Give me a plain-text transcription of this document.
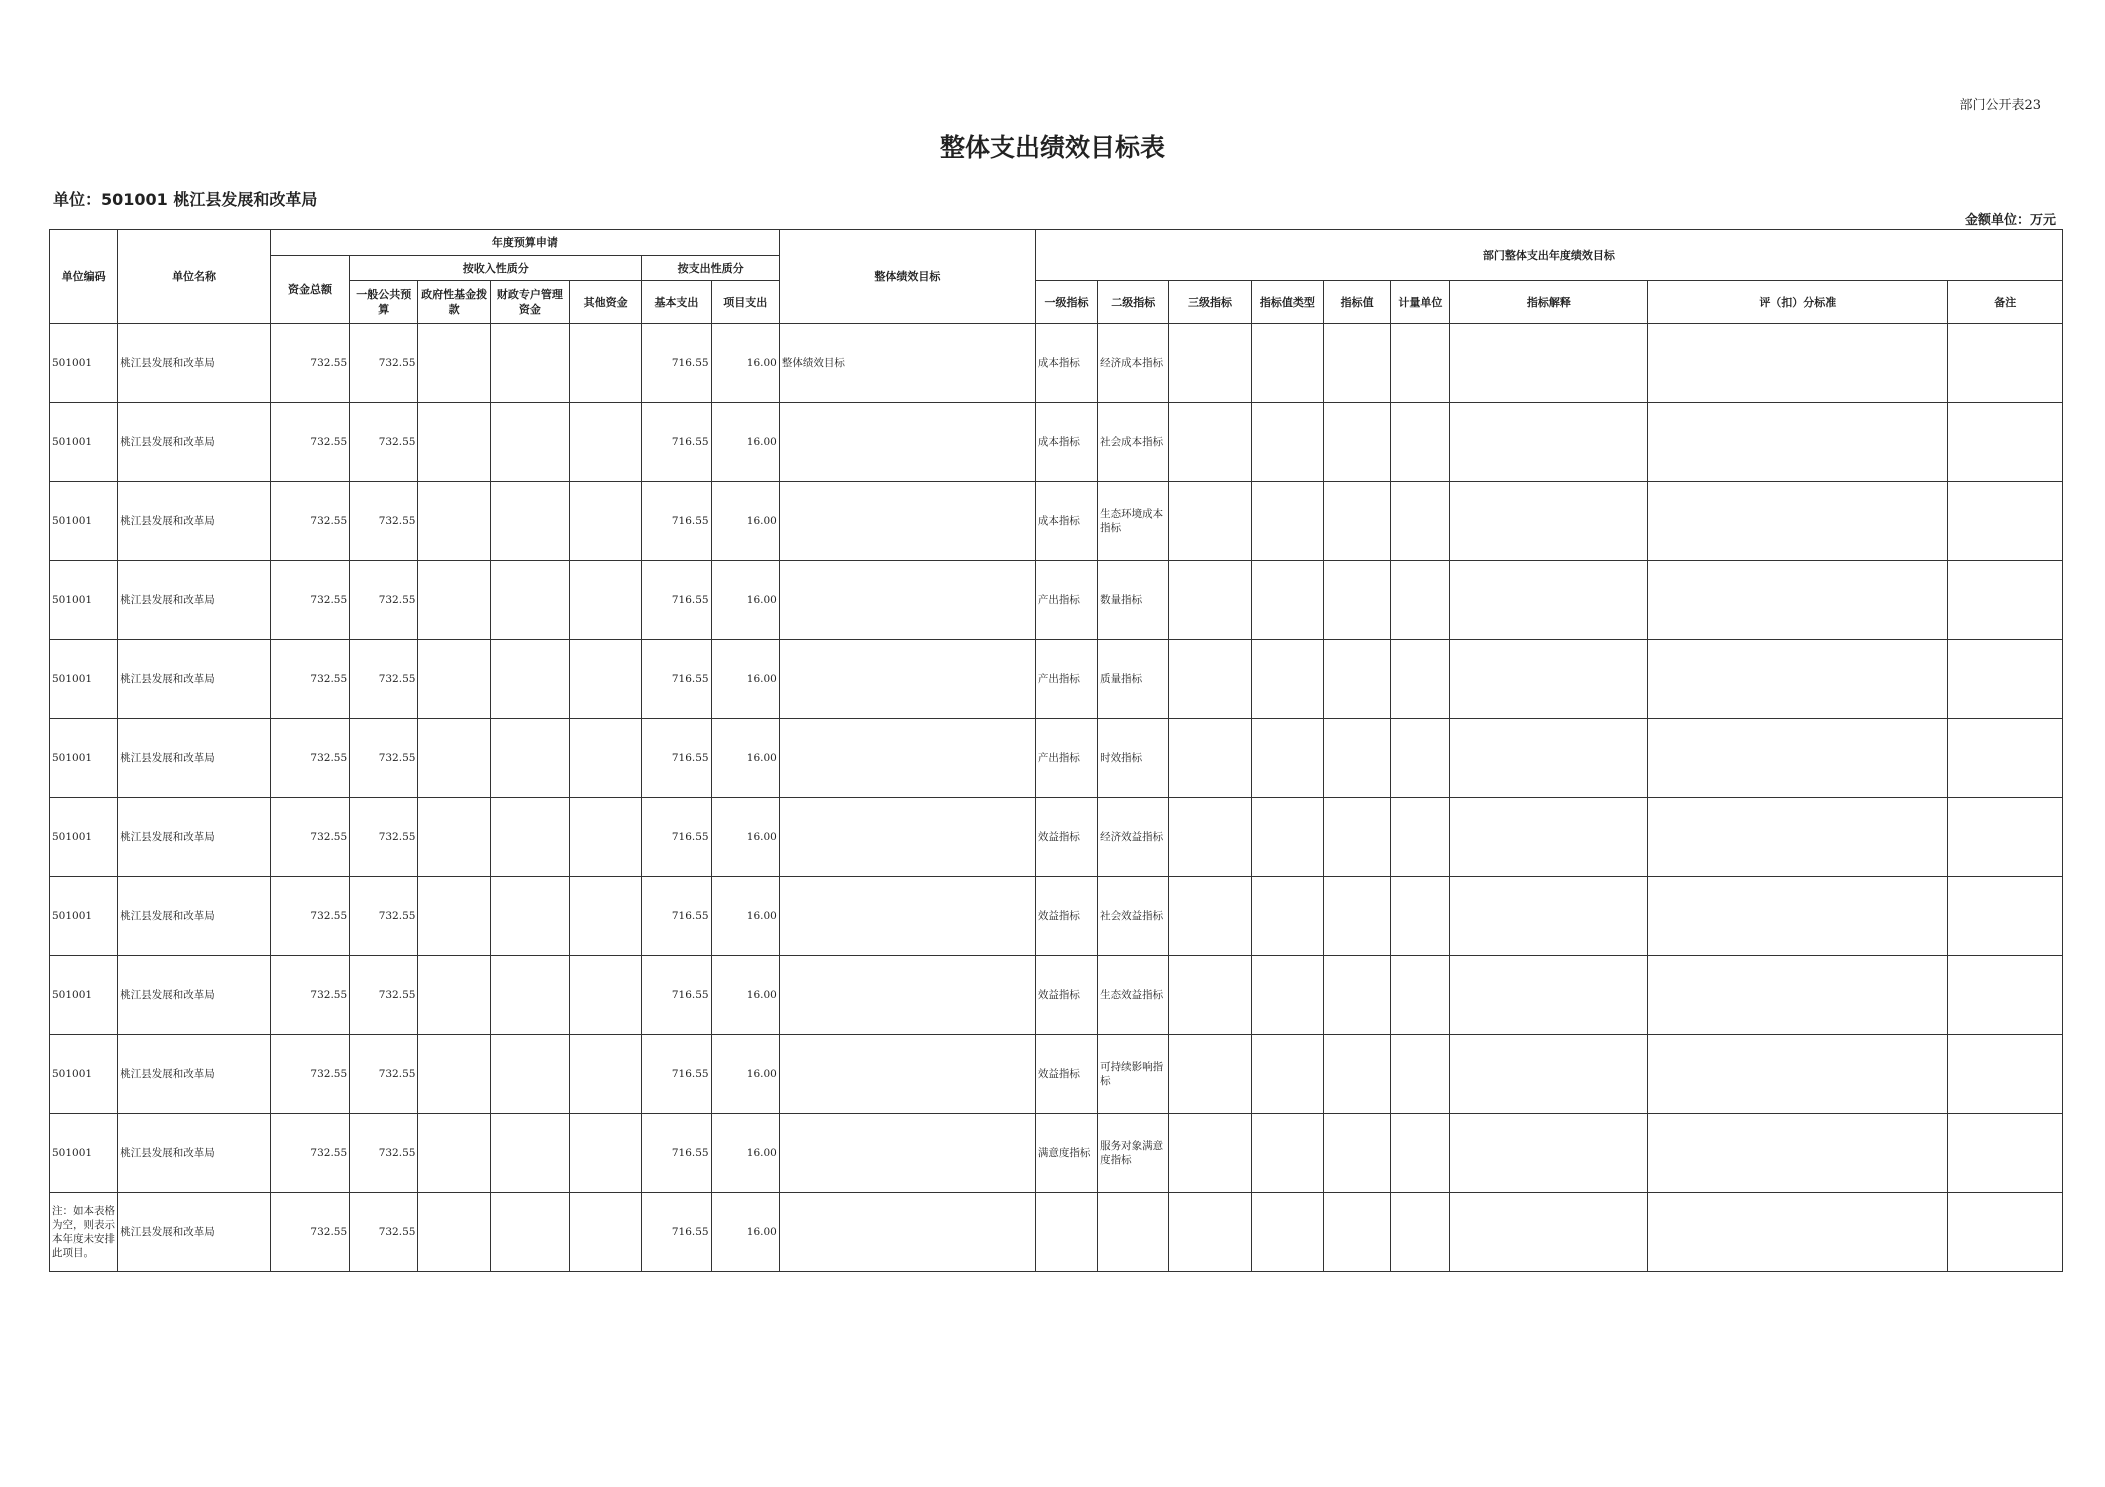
部门公开表23
整体支出绩效目标表
单位：501001 桃江县发展和改革局
金额单位：万元
单位编码	单位名称	年度预算申请							整体绩效目标	部门整体支出年度绩效目标								
		资金总额	按收入性质分				按支出性质分											
			一般公共预算	政府性基金拨款	财政专户管理资金	其他资金	基本支出	项目支出		一级指标	二级指标	三级指标	指标值类型	指标值	计量单位	指标解释	评（扣）分标准	备注
501001	桃江县发展和改革局	732.55	732.55				716.55	16.00	整体绩效目标	成本指标	经济成本指标							
501001	桃江县发展和改革局	732.55	732.55				716.55	16.00		成本指标	社会成本指标							
501001	桃江县发展和改革局	732.55	732.55				716.55	16.00		成本指标	生态环境成本指标							
501001	桃江县发展和改革局	732.55	732.55				716.55	16.00		产出指标	数量指标							
501001	桃江县发展和改革局	732.55	732.55				716.55	16.00		产出指标	质量指标							
501001	桃江县发展和改革局	732.55	732.55				716.55	16.00		产出指标	时效指标							
501001	桃江县发展和改革局	732.55	732.55				716.55	16.00		效益指标	经济效益指标							
501001	桃江县发展和改革局	732.55	732.55				716.55	16.00		效益指标	社会效益指标							
501001	桃江县发展和改革局	732.55	732.55				716.55	16.00		效益指标	生态效益指标							
501001	桃江县发展和改革局	732.55	732.55				716.55	16.00		效益指标	可持续影响指标							
501001	桃江县发展和改革局	732.55	732.55				716.55	16.00		满意度指标	服务对象满意度指标							
注：如本表格为空，则表示本年度未安排此项目。	桃江县发展和改革局	732.55	732.55				716.55	16.00										
